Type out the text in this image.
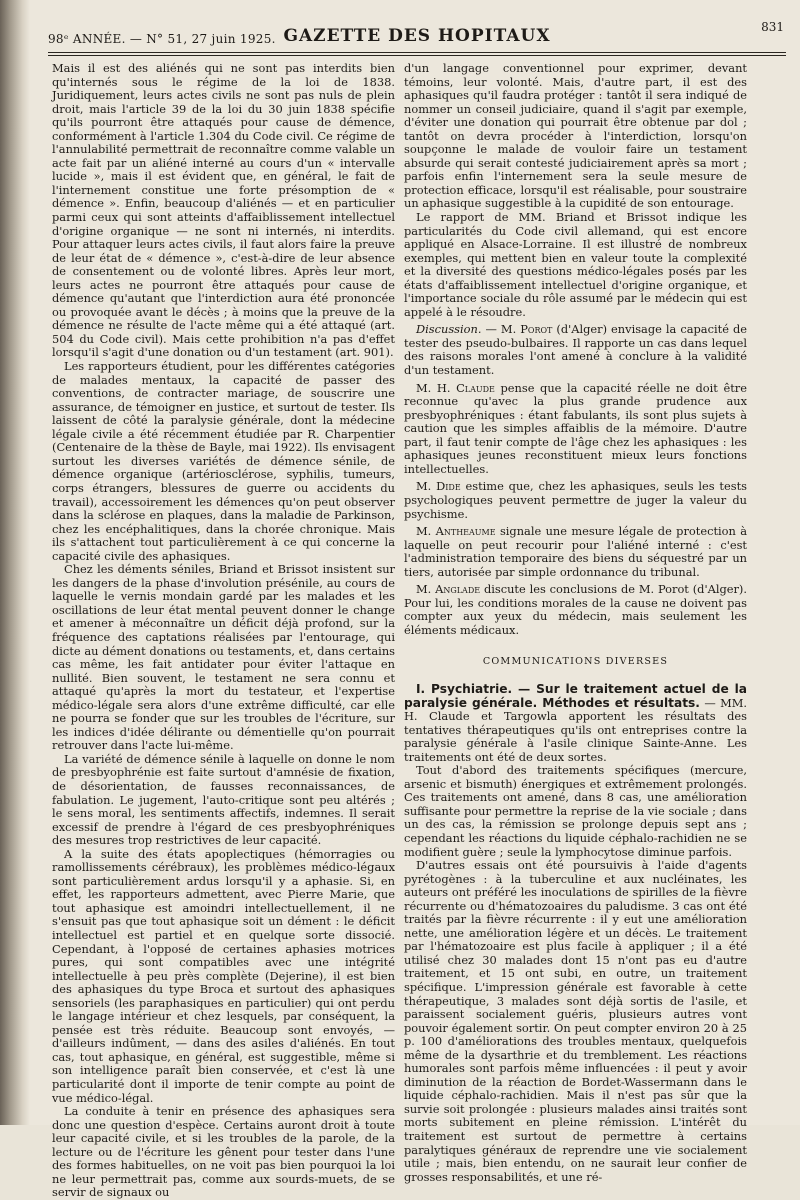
98ᵉ ANNÉE. — N° 51, 27 juin 1925. GAZETTE DES HOPITAUX	831

Mais il est des aliénés qui ne sont pas interdits bien qu'internés sous le régime de la loi de 1838. Juridiquement, leurs actes civils ne sont pas nuls de plein droit, mais l'article 39 de la loi du 30 juin 1838 spécifie qu'ils pourront être attaqués pour cause de démence, conformément à l'article 1.304 du Code civil. Ce régime de l'annulabilité permettrait de reconnaître comme valable un acte fait par un aliéné interné au cours d'un « intervalle lucide », mais il est évident que, en général, le fait de l'internement constitue une forte présomption de « démence ». Enfin, beaucoup d'aliénés — et en particulier parmi ceux qui sont atteints d'affaiblissement intellectuel d'origine organique — ne sont ni internés, ni interdits. Pour attaquer leurs actes civils, il faut alors faire la preuve de leur état de « démence », c'est-à-dire de leur absence de consentement ou de volonté libres. Après leur mort, leurs actes ne pourront être attaqués pour cause de démence qu'autant que l'interdiction aura été prononcée ou provoquée avant le décès ; à moins que la preuve de la démence ne résulte de l'acte même qui a été attaqué (art. 504 du Code civil). Mais cette prohibition n'a pas d'effet lorsqu'il s'agit d'une donation ou d'un testament (art. 901).

Les rapporteurs étudient, pour les différentes catégories de malades mentaux, la capacité de passer des conventions, de contracter mariage, de souscrire une assurance, de témoigner en justice, et surtout de tester. Ils laissent de côté la paralysie générale, dont la médecine légale civile a été récemment étudiée par R. Charpentier (Centenaire de la thèse de Bayle, mai 1922). Ils envisagent surtout les diverses variétés de démence sénile, de démence organique (artériosclérose, syphilis, tumeurs, corps étrangers, blessures de guerre ou accidents du travail), accessoirement les démences qu'on peut observer dans la sclérose en plaques, dans la maladie de Parkinson, chez les encéphalitiques, dans la chorée chronique. Mais ils s'attachent tout particulièrement à ce qui concerne la capacité civile des aphasiques.

Chez les déments séniles, Briand et Brissot insistent sur les dangers de la phase d'involution présénile, au cours de laquelle le vernis mondain gardé par les malades et les oscillations de leur état mental peuvent donner le change et amener à méconnaître un déficit déjà profond, sur la fréquence des captations réalisées par l'entourage, qui dicte au dément donations ou testaments, et, dans certains cas même, les fait antidater pour éviter l'attaque en nullité. Bien souvent, le testament ne sera connu et attaqué qu'après la mort du testateur, et l'expertise médico-légale sera alors d'une extrême difficulté, car elle ne pourra se fonder que sur les troubles de l'écriture, sur les indices d'idée délirante ou démentielle qu'on pourrait retrouver dans l'acte lui-même.

La variété de démence sénile à laquelle on donne le nom de presbyophrénie est faite surtout d'amnésie de fixation, de désorientation, de fausses reconnaissances, de fabulation. Le jugement, l'auto-critique sont peu altérés ; le sens moral, les sentiments affectifs, indemnes. Il serait excessif de prendre à l'égard de ces presbyophréniques des mesures trop restrictives de leur capacité.

A la suite des états apoplectiques (hémorragies ou ramollissements cérébraux), les problèmes médico-légaux sont particulièrement ardus lorsqu'il y a aphasie. Si, en effet, les rapporteurs admettent, avec Pierre Marie, que tout aphasique est amoindri intellectuellement, il ne s'ensuit pas que tout aphasique soit un dément : le déficit intellectuel est partiel et en quelque sorte dissocié. Cependant, à l'opposé de certaines aphasies motrices pures, qui sont compatibles avec une intégrité intellectuelle à peu près complète (Dejerine), il est bien des aphasiques du type Broca et surtout des aphasiques sensoriels (les paraphasiques en particulier) qui ont perdu le langage intérieur et chez lesquels, par conséquent, la pensée est très réduite. Beaucoup sont envoyés, — d'ailleurs indûment, — dans des asiles d'aliénés. En tout cas, tout aphasique, en général, est suggestible, même si son intelligence paraît bien conservée, et c'est là une particularité dont il importe de tenir compte au point de vue médico-légal.

La conduite à tenir en présence des aphasiques sera donc une question d'espèce. Certains auront droit à toute leur capacité civile, et si les troubles de la parole, de la lecture ou de l'écriture les gênent pour tester dans l'une des formes habituelles, on ne voit pas bien pourquoi la loi ne leur permettrait pas, comme aux sourds-muets, de se servir de signaux ou

d'un langage conventionnel pour exprimer, devant témoins, leur volonté. Mais, d'autre part, il est des aphasiques qu'il faudra protéger : tantôt il sera indiqué de nommer un conseil judiciaire, quand il s'agit par exemple, d'éviter une donation qui pourrait être obtenue par dol ; tantôt on devra procéder à l'interdiction, lorsqu'on soupçonne le malade de vouloir faire un testament absurde qui serait contesté judiciairement après sa mort ; parfois enfin l'internement sera la seule mesure de protection efficace, lorsqu'il est réalisable, pour soustraire un aphasique suggestible à la cupidité de son entourage.

Le rapport de MM. Briand et Brissot indique les particularités du Code civil allemand, qui est encore appliqué en Alsace-Lorraine. Il est illustré de nombreux exemples, qui mettent bien en valeur toute la complexité et la diversité des questions médico-légales posés par les états d'affaiblissement intellectuel d'origine organique, et l'importance sociale du rôle assumé par le médecin qui est appelé à le résoudre.

Discussion. — M. Porot (d'Alger) envisage la capacité de tester des pseudo-bulbaires. Il rapporte un cas dans lequel des raisons morales l'ont amené à conclure à la validité d'un testament.

M. H. Claude pense que la capacité réelle ne doit être reconnue qu'avec la plus grande prudence aux presbyophréniques : étant fabulants, ils sont plus sujets à caution que les simples affaiblis de la mémoire. D'autre part, il faut tenir compte de l'âge chez les aphasiques : les aphasiques jeunes reconstituent mieux leurs fonctions intellectuelles.

M. Dide estime que, chez les aphasiques, seuls les tests psychologiques peuvent permettre de juger la valeur du psychisme.

M. Antheaume signale une mesure légale de protection à laquelle on peut recourir pour l'aliéné interné : c'est l'administration temporaire des biens du séquestré par un tiers, autorisée par simple ordonnance du tribunal.

M. Anglade discute les conclusions de M. Porot (d'Alger). Pour lui, les conditions morales de la cause ne doivent pas compter aux yeux du médecin, mais seulement les éléments médicaux.

COMMUNICATIONS DIVERSES

I. Psychiatrie. — Sur le traitement actuel de la paralysie générale. Méthodes et résultats. — MM. H. Claude et Targowla apportent les résultats des tentatives thérapeutiques qu'ils ont entreprises contre la paralysie générale à l'asile clinique Sainte-Anne. Les traitements ont été de deux sortes.

Tout d'abord des traitements spécifiques (mercure, arsenic et bismuth) énergiques et extrêmement prolongés. Ces traitements ont amené, dans 8 cas, une amélioration suffisante pour permettre la reprise de la vie sociale ; dans un des cas, la rémission se prolonge depuis sept ans ; cependant les réactions du liquide céphalo-rachidien ne se modifient guère ; seule la lymphocytose diminue parfois.

D'autres essais ont été poursuivis à l'aide d'agents pyrétogènes : à la tuberculine et aux nucléinates, les auteurs ont préféré les inoculations de spirilles de la fièvre récurrente ou d'hématozoaires du paludisme. 3 cas ont été traités par la fièvre récurrente : il y eut une amélioration nette, une amélioration légère et un décès. Le traitement par l'hématozoaire est plus facile à appliquer ; il a été utilisé chez 30 malades dont 15 n'ont pas eu d'autre traitement, et 15 ont subi, en outre, un traitement spécifique. L'impression générale est favorable à cette thérapeutique, 3 malades sont déjà sortis de l'asile, et paraissent socialement guéris, plusieurs autres vont pouvoir également sortir. On peut compter environ 20 à 25 p. 100 d'améliorations des troubles mentaux, quelquefois même de la dysarthrie et du tremblement. Les réactions humorales sont parfois même influencées : il peut y avoir diminution de la réaction de Bordet-Wassermann dans le liquide céphalo-rachidien. Mais il n'est pas sûr que la survie soit prolongée : plusieurs malades ainsi traités sont morts subitement en pleine rémission. L'intérêt du traitement est surtout de permettre à certains paralytiques généraux de reprendre une vie socialement utile ; mais, bien entendu, on ne saurait leur confier de grosses responsabilités, et une ré-
